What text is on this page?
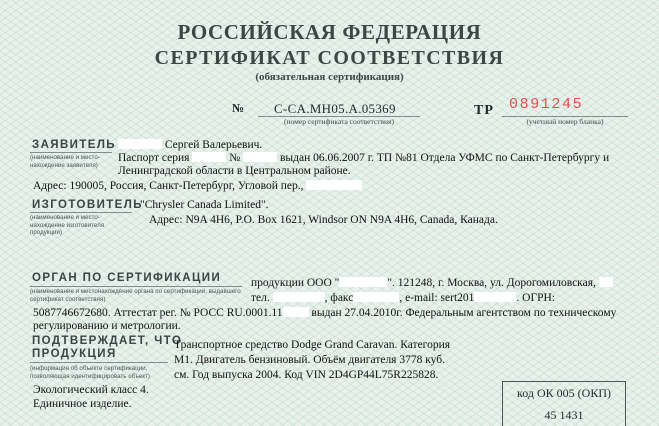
РОССИЙСКАЯ ФЕДЕРАЦИЯ
СЕРТИФИКАТ СООТВЕТСТВИЯ
(обязательная сертификация)
№ С-CA.МН05.А.05369
(номер сертификата соответствия)
ТР 0891245
(учетный номер бланка)
ЗАЯВИТЕЛЬ
(наименование и место-нахождение заявителя)
Сергей Валерьевич.
Паспорт серия	№	выдан 06.06.2007 г. ТП №81 Отдела УФМС по Санкт-Петербургу и
Ленинградской области в Центральном районе.
Адрес: 190005, Россия, Санкт-Петербург, Угловой пер.,
ИЗГОТОВИТЕЛЬ
(наименование и место-нахождение изготовителя продукции)
"Chrysler Canada Limited".
Адрес: N9A 4H6, P.O. Box 1621, Windsor ON N9A 4H6, Canada, Канада.
ОРГАН ПО СЕРТИФИКАЦИИ
(наименование и местонахождение органа по сертификации, выдавшего сертификат соответствия)
продукции ООО "	". 121248, г. Москва, ул. Дорогомиловская,
тел.	, факс	, e-mail: sert201	. ОГРН:
5087746672680. Аттестат рег. № РОСС RU.0001.11	выдан 27.04.2010г. Федеральным агентством по техническому
регулированию и метрологии.
ПОДТВЕРЖДАЕТ, ЧТО
ПРОДУКЦИЯ
(информация об объекте сертификации, позволяющая идентифицировать объект)
Транспортное средство Dodge Grand Caravan. Категория
M1. Двигатель бензиновый. Объём двигателя 3778 куб.
см. Год выпуска 2004. Код VIN 2D4GP44L75R225828.
Экологический класс 4.
Единичное изделие.
код ОК 005 (ОКП)
45 1431
